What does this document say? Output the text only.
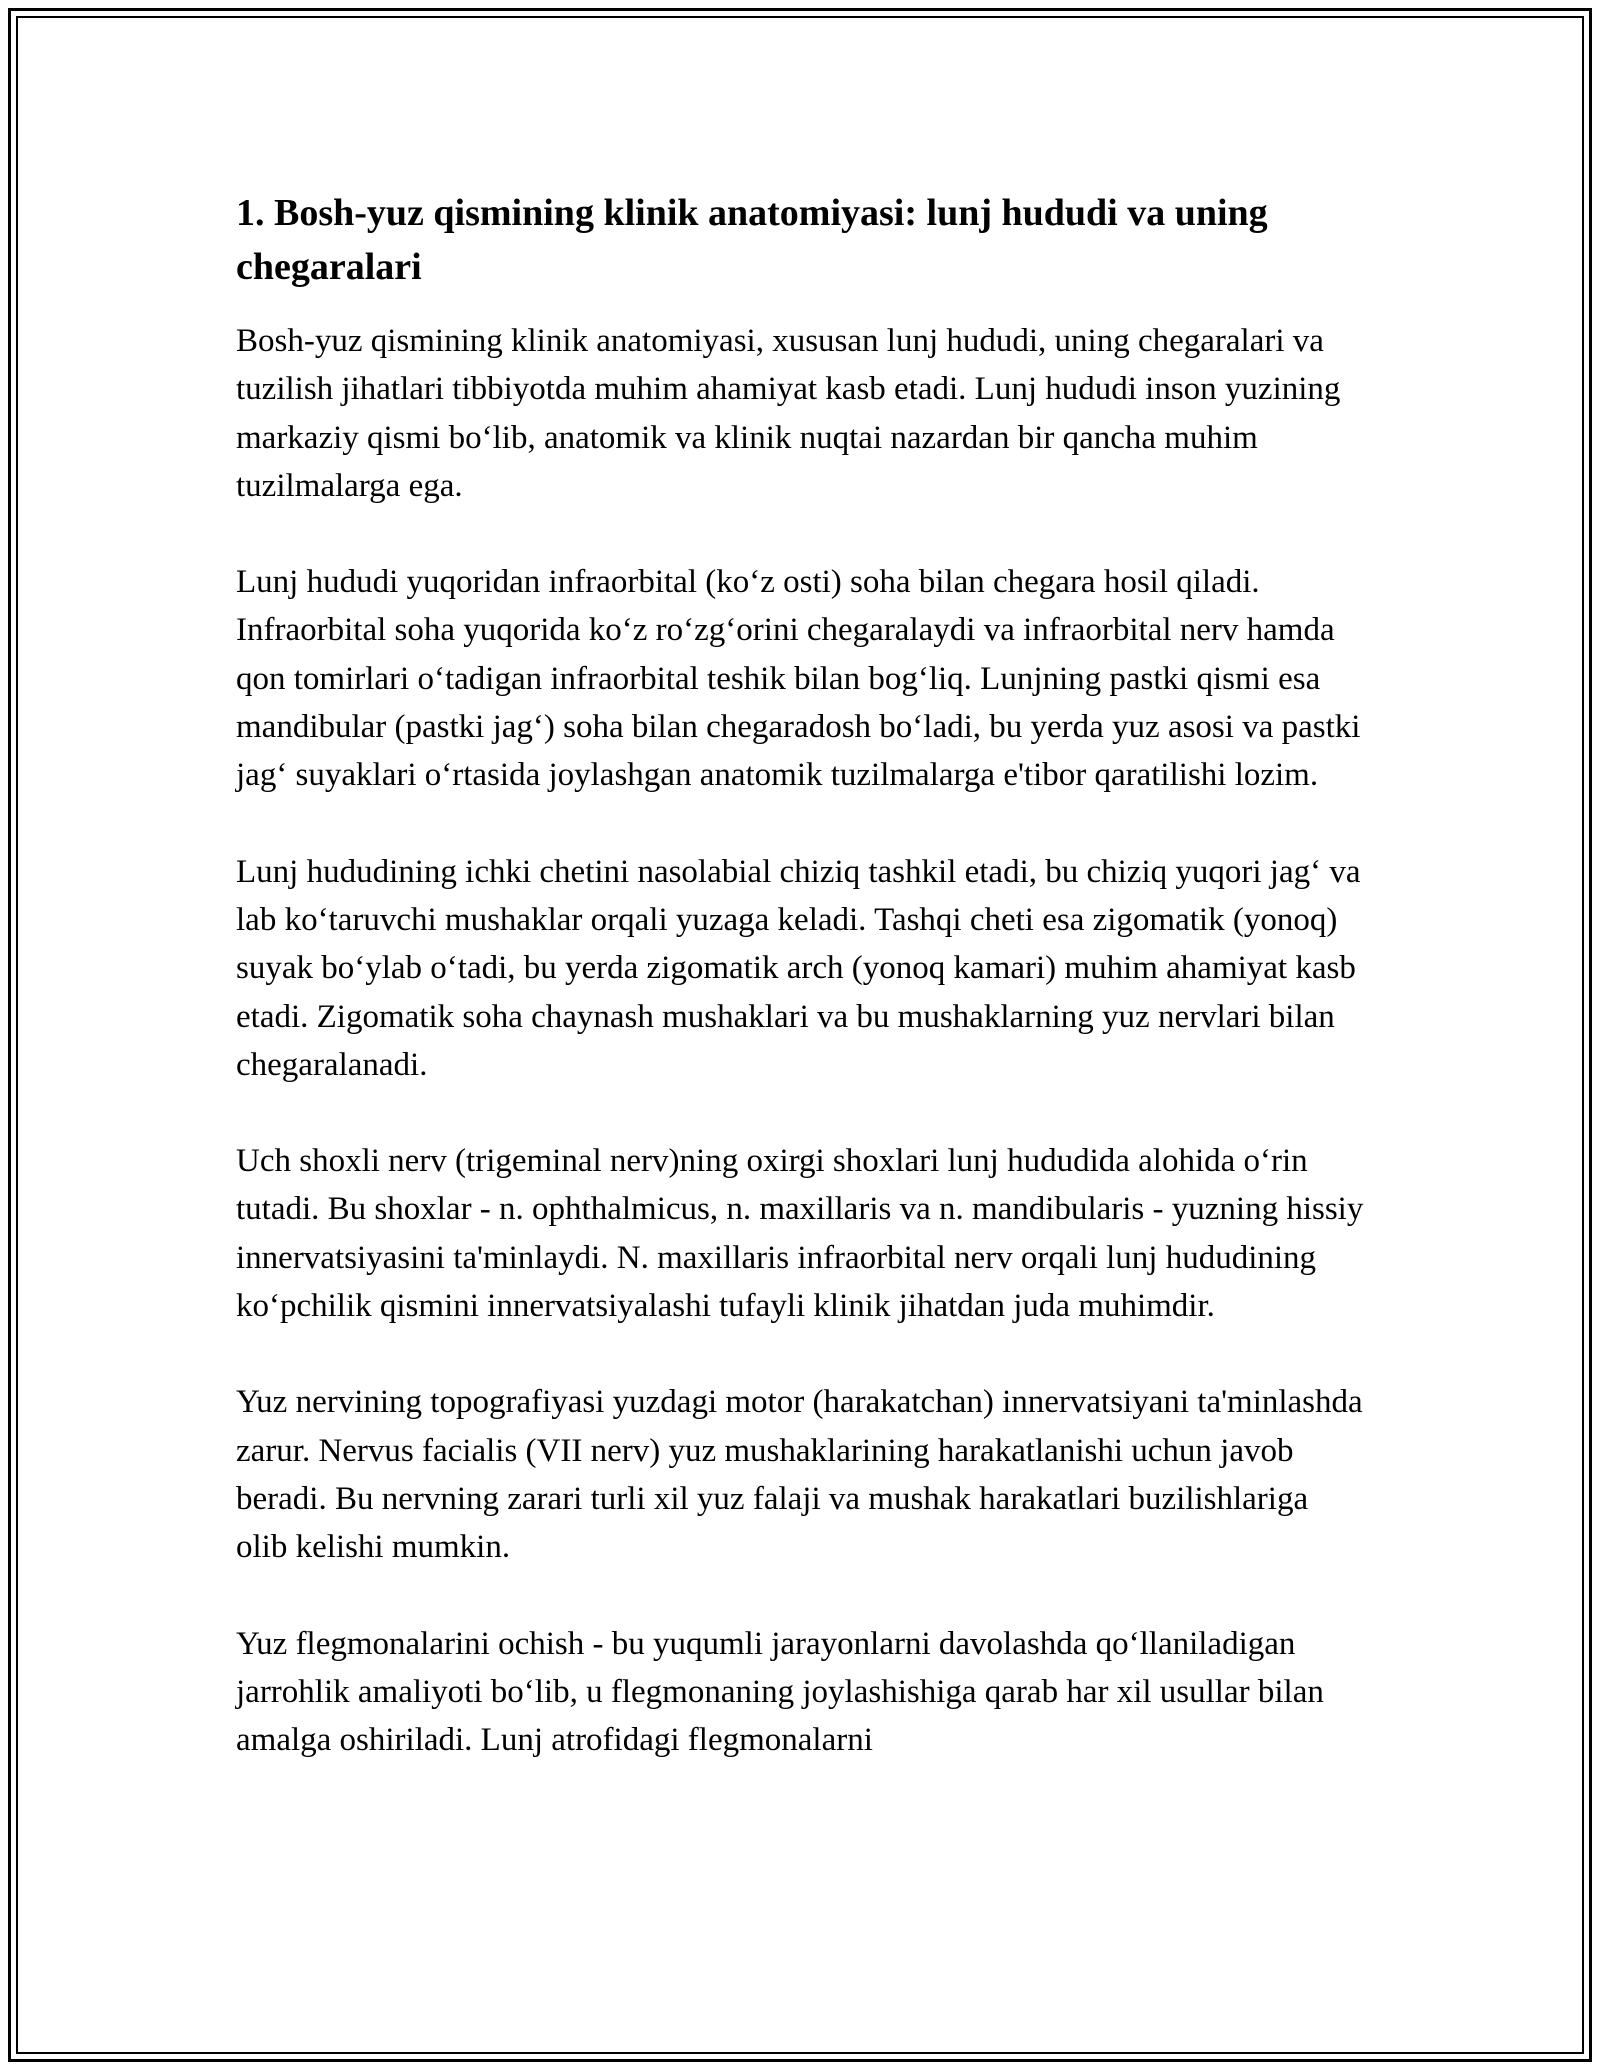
1. Bosh-yuz qismining klinik anatomiyasi: lunj hududi va uning chegaralari

Bosh-yuz qismining klinik anatomiyasi, xususan lunj hududi, uning chegaralari va tuzilish jihatlari tibbiyotda muhim ahamiyat kasb etadi. Lunj hududi inson yuzining markaziy qismi bo‘lib, anatomik va klinik nuqtai nazardan bir qancha muhim tuzilmalarga ega.

Lunj hududi yuqoridan infraorbital (ko‘z osti) soha bilan chegara hosil qiladi. Infraorbital soha yuqorida ko‘z ro‘zg‘orini chegaralaydi va infraorbital nerv hamda qon tomirlari o‘tadigan infraorbital teshik bilan bog‘liq. Lunjning pastki qismi esa mandibular (pastki jag‘) soha bilan chegaradosh bo‘ladi, bu yerda yuz asosi va pastki jag‘ suyaklari o‘rtasida joylashgan anatomik tuzilmalarga e'tibor qaratilishi lozim.

Lunj hududining ichki chetini nasolabial chiziq tashkil etadi, bu chiziq yuqori jag‘ va lab ko‘taruvchi mushaklar orqali yuzaga keladi. Tashqi cheti esa zigomatik (yonoq) suyak bo‘ylab o‘tadi, bu yerda zigomatik arch (yonoq kamari) muhim ahamiyat kasb etadi. Zigomatik soha chaynash mushaklari va bu mushaklarning yuz nervlari bilan chegaralanadi.

Uch shoxli nerv (trigeminal nerv)ning oxirgi shoxlari lunj hududida alohida o‘rin tutadi. Bu shoxlar - n. ophthalmicus, n. maxillaris va n. mandibularis - yuzning hissiy innervatsiyasini ta'minlaydi. N. maxillaris infraorbital nerv orqali lunj hududining ko‘pchilik qismini innervatsiyalashi tufayli klinik jihatdan juda muhimdir.

Yuz nervining topografiyasi yuzdagi motor (harakatchan) innervatsiyani ta'minlashda zarur. Nervus facialis (VII nerv) yuz mushaklarining harakatlanishi uchun javob beradi. Bu nervning zarari turli xil yuz falaji va mushak harakatlari buzilishlariga olib kelishi mumkin.

Yuz flegmonalarini ochish - bu yuqumli jarayonlarni davolashda qo‘llaniladigan jarrohlik amaliyoti bo‘lib, u flegmonaning joylashishiga qarab har xil usullar bilan amalga oshiriladi. Lunj atrofidagi flegmonalarni
